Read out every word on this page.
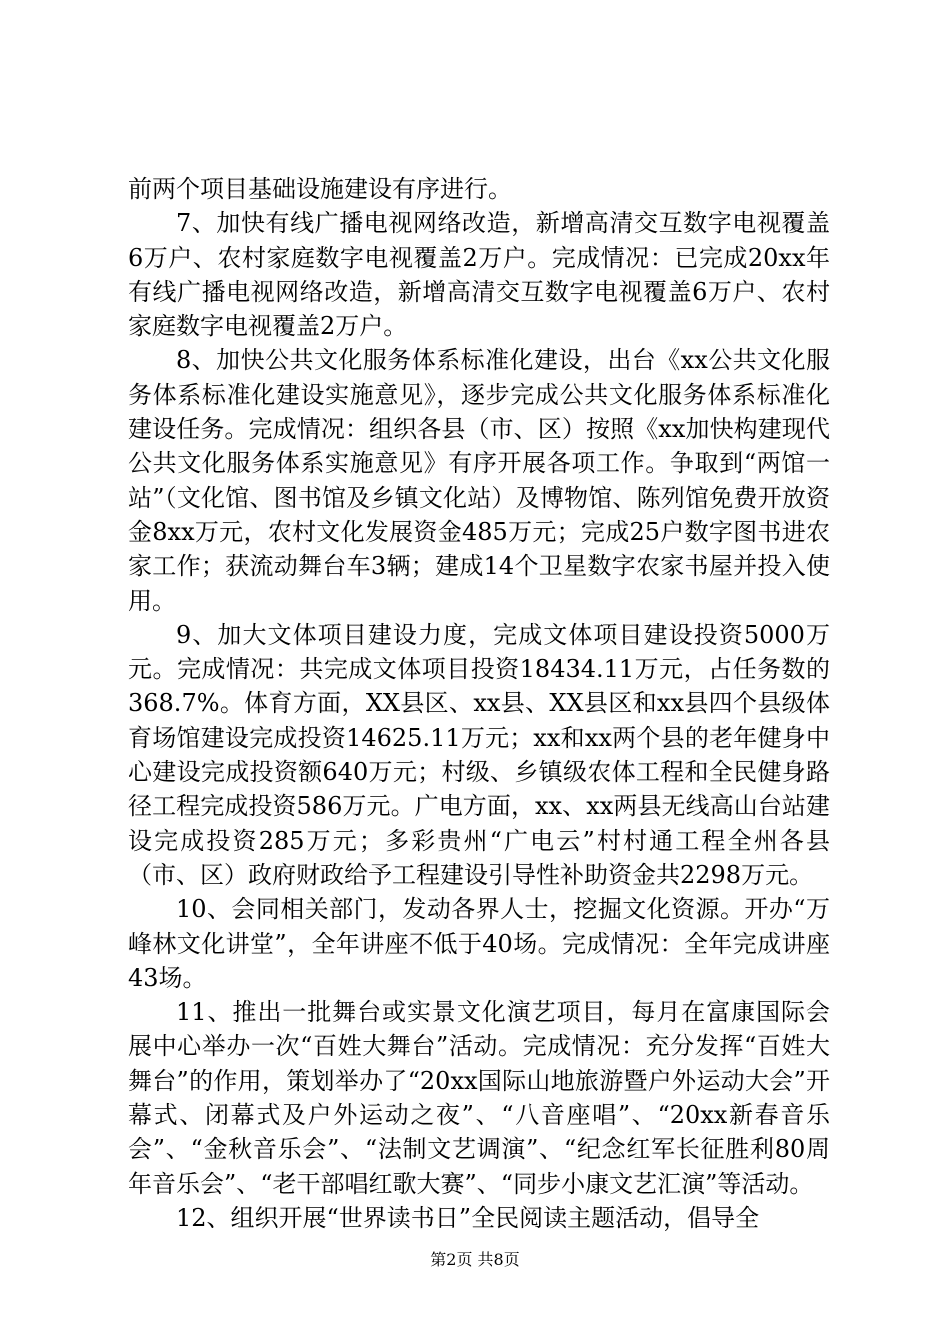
前两个项目基础设施建设有序进行。

7、加快有线广播电视网络改造，新增高清交互数字电视覆盖6万户、农村家庭数字电视覆盖2万户。完成情况：已完成20xx年有线广播电视网络改造，新增高清交互数字电视覆盖6万户、农村家庭数字电视覆盖2万户。

8、加快公共文化服务体系标准化建设，出台《xx公共文化服务体系标准化建设实施意见》，逐步完成公共文化服务体系标准化建设任务。完成情况：组织各县（市、区）按照《xx加快构建现代公共文化服务体系实施意见》有序开展各项工作。争取到“两馆一站”（文化馆、图书馆及乡镇文化站）及博物馆、陈列馆免费开放资金8xx万元，农村文化发展资金485万元；完成25户数字图书进农家工作；获流动舞台车3辆；建成14个卫星数字农家书屋并投入使用。

9、加大文体项目建设力度，完成文体项目建设投资5000万元。完成情况：共完成文体项目投资18434.11万元，占任务数的368.7%。体育方面，XX县区、xx县、XX县区和xx县四个县级体育场馆建设完成投资14625.11万元；xx和xx两个县的老年健身中心建设完成投资额640万元；村级、乡镇级农体工程和全民健身路径工程完成投资586万元。广电方面，xx、xx两县无线高山台站建设完成投资285万元；多彩贵州“广电云”村村通工程全州各县（市、区）政府财政给予工程建设引导性补助资金共2298万元。

10、会同相关部门，发动各界人士，挖掘文化资源。开办“万峰林文化讲堂”，全年讲座不低于40场。完成情况：全年完成讲座43场。

11、推出一批舞台或实景文化演艺项目，每月在富康国际会展中心举办一次“百姓大舞台”活动。完成情况：充分发挥“百姓大舞台”的作用，策划举办了“20xx国际山地旅游暨户外运动大会”开幕式、闭幕式及户外运动之夜”、“八音座唱”、“20xx新春音乐会”、“金秋音乐会”、“法制文艺调演”、“纪念红军长征胜利80周年音乐会”、“老干部唱红歌大赛”、“同步小康文艺汇演”等活动。

12、组织开展“世界读书日”全民阅读主题活动，倡导全

第2页 共8页
